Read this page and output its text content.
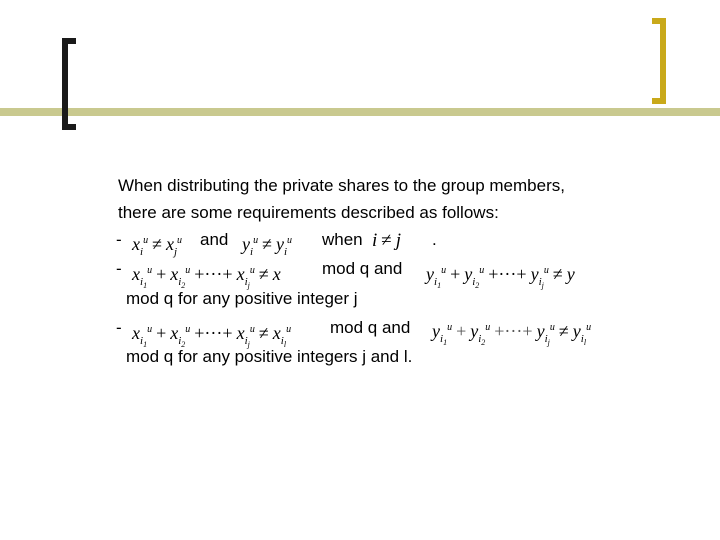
When distributing the private shares to the group members,
there are some requirements described as follows:
- $x_i^u \ne x_j^u$ and $y_i^u \ne y_i^u$ when i ≠ j .
- $x_{i_1}^u + x_{i_2}^u$ +···+ $x_{i_j}^u \ne x$ mod q and $y_{i_1}^u + y_{i_2}^u$ +···+ $y_{i_j}^u \ne y$
mod q for any positive integer j
- $x_{i_1}^u + x_{i_2}^u$ +···+ $x_{i_j}^u \ne x_{i_l}^u$ mod q and $y_{i_1}^u + y_{i_2}^u$ +···+ $y_{i_j}^u \ne y_{i_l}^u$
mod q for any positive integers j and l.
